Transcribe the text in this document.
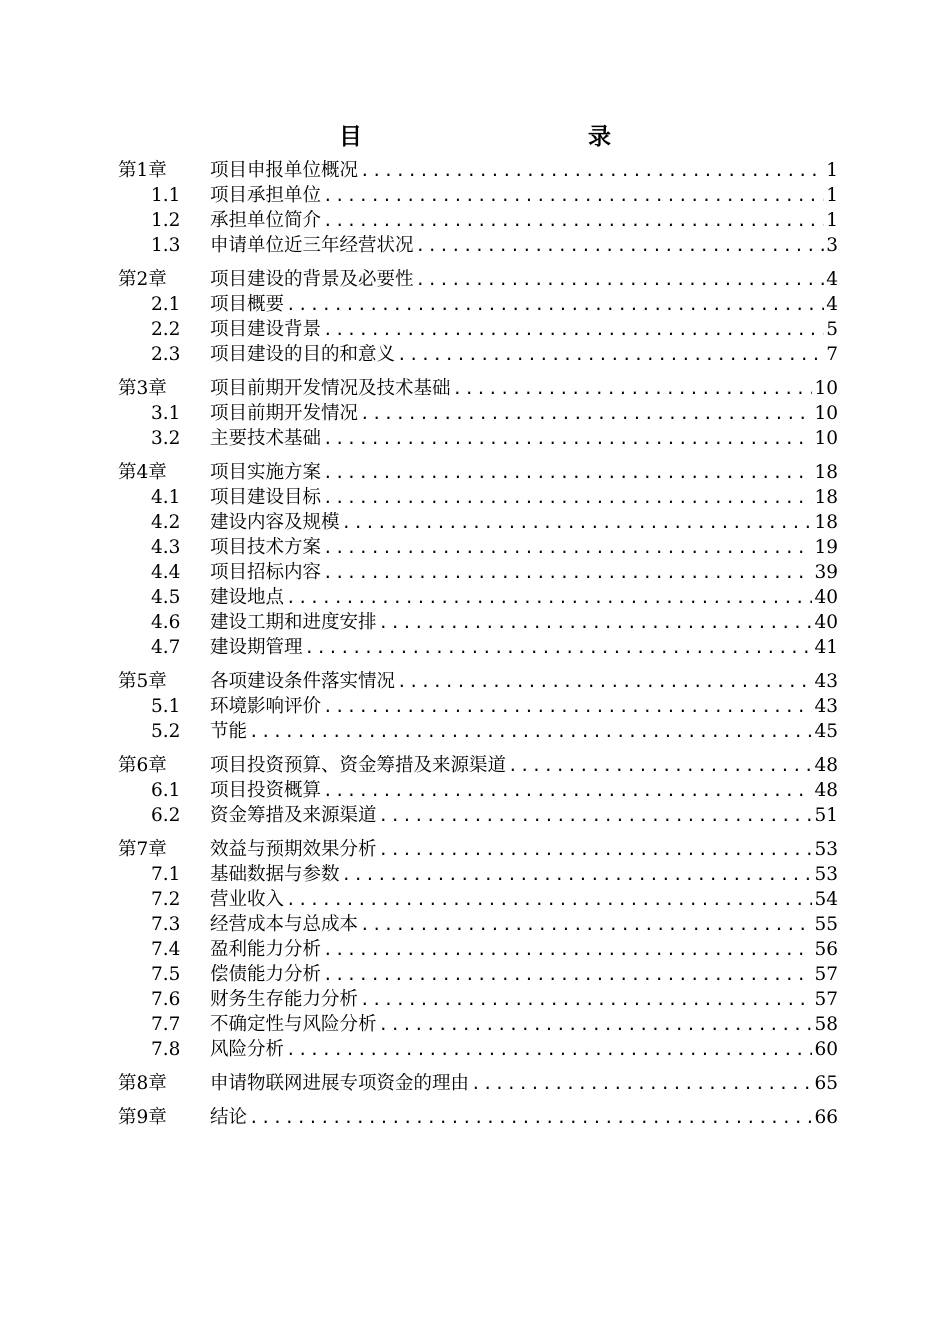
目　　录
第1章	项目申报单位概况 .....	1
1.1	项目承担单位 .....	1
1.2	承担单位简介 .....	1
1.3	申请单位近三年经营状况 .....	3
第2章	项目建设的背景及必要性 .....	4
2.1	项目概要 .....	4
2.2	项目建设背景 .....	5
2.3	项目建设的目的和意义 .....	7
第3章	项目前期开发情况及技术基础 .....	10
3.1	项目前期开发情况 .....	10
3.2	主要技术基础 .....	10
第4章	项目实施方案 .....	18
4.1	项目建设目标 .....	18
4.2	建设内容及规模 .....	18
4.3	项目技术方案 .....	19
4.4	项目招标内容 .....	39
4.5	建设地点 .....	40
4.6	建设工期和进度安排 .....	40
4.7	建设期管理 .....	41
第5章	各项建设条件落实情况 .....	43
5.1	环境影响评价 .....	43
5.2	节能 .....	45
第6章	项目投资预算、资金筹措及来源渠道 .....	48
6.1	项目投资概算 .....	48
6.2	资金筹措及来源渠道 .....	51
第7章	效益与预期效果分析 .....	53
7.1	基础数据与参数 .....	53
7.2	营业收入 .....	54
7.3	经营成本与总成本 .....	55
7.4	盈利能力分析 .....	56
7.5	偿债能力分析 .....	57
7.6	财务生存能力分析 .....	57
7.7	不确定性与风险分析 .....	58
7.8	风险分析 .....	60
第8章	申请物联网进展专项资金的理由 .....	65
第9章	结论 .....	66
